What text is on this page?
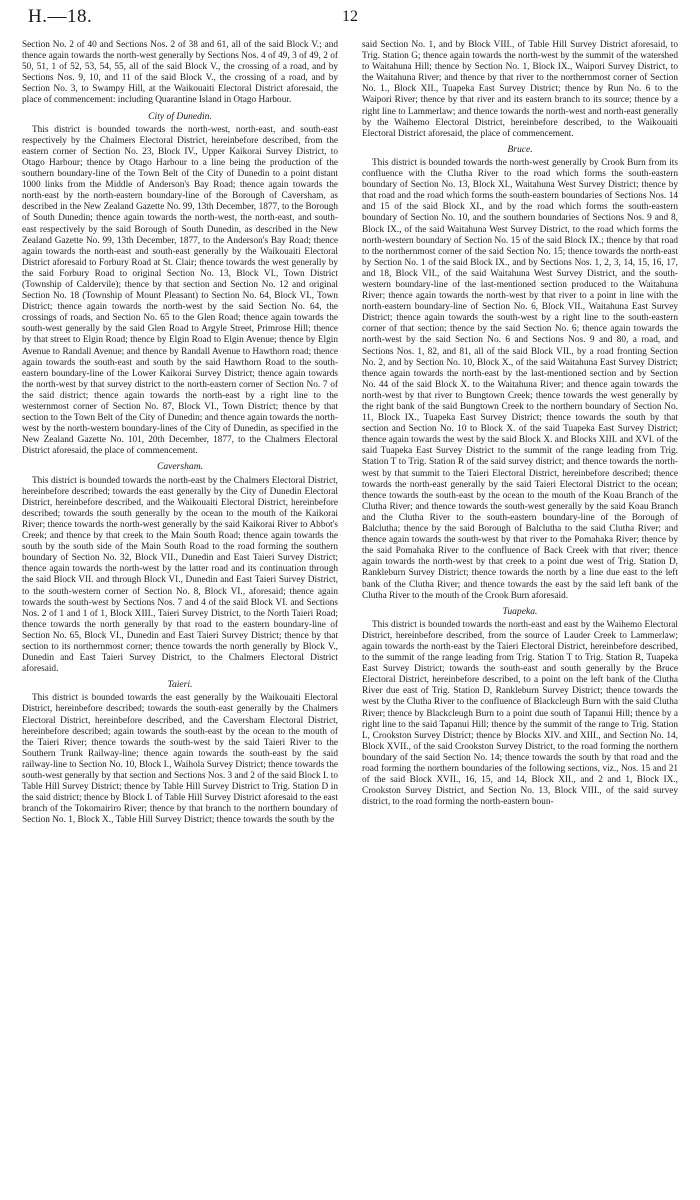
H.—18.	12

Section No. 2 of 40 and Sections Nos. 2 of 38 and 61, all of the said Block V.; and thence again towards the north-west generally by Sections Nos. 4 of 49, 3 of 49, 2 of 50, 51, 1 of 52, 53, 54, 55, all of the said Block V., the crossing of a road, and by Sections Nos. 9, 10, and 11 of the said Block V., the crossing of a road, and by Section No. 3, to Swampy Hill, at the Waikouaiti Electoral District aforesaid, the place of commencement: including Quarantine Island in Otago Harbour.

City of Dunedin.

This district is bounded towards the north-west, north-east, and south-east respectively by the Chalmers Electoral District, hereinbefore described, from the eastern corner of Section No. 23, Block IV., Upper Kaikorai Survey District, to Otago Harbour; thence by Otago Harbour to a line being the production of the southern boundary-line of the Town Belt of the City of Dunedin to a point distant 1000 links from the Middle of Anderson's Bay Road; thence again towards the north-east by the north-eastern boundary-line of the Borough of Caversham, as described in the New Zealand Gazette No. 99, 13th December, 1877, to the Borough of South Dunedin; thence again towards the north-west, the north-east, and south-east respectively by the said Borough of South Dunedin, as described in the New Zealand Gazette No. 99, 13th December, 1877, to the Anderson's Bay Road; thence again towards the north-east and south-east generally by the Waikouaiti Electoral District aforesaid to Forbury Road at St. Clair; thence towards the west generally by the said Forbury Road to original Section No. 13, Block VI., Town District (Township of Caldervile); thence by that section and Section No. 12 and original Section No. 18 (Township of Mount Pleasant) to Section No. 64, Block VI., Town District; thence again towards the north-west by the said Section No. 64, the crossings of roads, and Section No. 65 to the Glen Road; thence again towards the south-west generally by the said Glen Road to Argyle Street, Primrose Hill; thence by that street to Elgin Road; thence by Elgin Road to Elgin Avenue; thence by Elgin Avenue to Randall Avenue; and thence by Randall Avenue to Hawthorn road; thence again towards the south-east and south by the said Hawthorn Road to the south-eastern boundary-line of the Lower Kaikorai Survey District; thence again towards the north-west by that survey district to the north-eastern corner of Section No. 7 of the said district; thence again towards the north-east by a right line to the westernmost corner of Section No. 87, Block VI., Town District; thence by that section to the Town Belt of the City of Dunedin; and thence again towards the north-west by the north-western boundary-lines of the City of Dunedin, as specified in the New Zealand Gazette No. 101, 20th December, 1877, to the Chalmers Electoral District aforesaid, the place of commencement.

Caversham.

This district is bounded towards the north-east by the Chalmers Electoral District, hereinbefore described; towards the east generally by the City of Dunedin Electoral District, hereinbefore described, and the Waikouaiti Electoral District, hereinbefore described; towards the south generally by the ocean to the mouth of the Kaikorai River; thence towards the north-west generally by the said Kaikorai River to Abbot's Creek; and thence by that creek to the Main South Road; thence again towards the south by the south side of the Main South Road to the road forming the southern boundary of Section No. 32, Block VII., Dunedin and East Taieri Survey District; thence again towards the north-west by the latter road and its continuation through the said Block VII. and through Block VI., Dunedin and East Taieri Survey District, to the south-western corner of Section No. 8, Block VI., aforesaid; thence again towards the south-west by Sections Nos. 7 and 4 of the said Block VI. and Sections Nos. 2 of 1 and 1 of 1, Block XIII., Taieri Survey District, to the North Taieri Road; thence towards the north generally by that road to the eastern boundary-line of Section No. 65, Block VI., Dunedin and East Taieri Survey District; thence by that section to its northernmost corner; thence towards the north generally by Block V., Dunedin and East Taieri Survey District, to the Chalmers Electoral District aforesaid.

Taieri.

This district is bounded towards the east generally by the Waikouaiti Electoral District, hereinbefore described; towards the south-east generally by the Chalmers Electoral District, hereinbefore described, and the Caversham Electoral District, hereinbefore described; again towards the south-east by the ocean to the mouth of the Taieri River; thence towards the south-west by the said Taieri River to the Southern Trunk Railway-line; thence again towards the south-east by the said railway-line to Section No. 10, Block I., Waihola Survey District; thence towards the south-west generally by that section and Sections Nos. 3 and 2 of the said Block I. to Table Hill Survey District; thence by Table Hill Survey District to Trig. Station D in the said district; thence by Block I. of Table Hill Survey District aforesaid to the east branch of the Tokomairiro River; thence by that branch to the northern boundary of Section No. 1, Block X., Table Hill Survey District; thence towards the south by the

said Section No. 1, and by Block VIII., of Table Hill Survey District aforesaid, to Trig. Station G; thence again towards the north-west by the summit of the watershed to Waitahuna Hill; thence by Section No. 1, Block IX., Waipori Survey District, to the Waitahuna River; and thence by that river to the northernmost corner of Section No. 1., Block XII., Tuapeka East Survey District; thence by Run No. 6 to the Waipori River; thence by that river and its eastern branch to its source; thence by a right line to Lammerlaw; and thence towards the north-west and north-east generally by the Waihemo Electoral District, hereinbefore described, to the Waikouaiti Electoral District aforesaid, the place of commencement.

Bruce.

This district is bounded towards the north-west generally by Crook Burn from its confluence with the Clutha River to the road which forms the south-eastern boundary of Section No. 13, Block XI., Waitahuna West Survey District; thence by that road and the road which forms the south-eastern boundaries of Sections Nos. 14 and 15 of the said Block XI., and by the road which forms the south-eastern boundary of Section No. 10, and the southern boundaries of Sections Nos. 9 and 8, Block IX., of the said Waitahuna West Survey District, to the road which forms the north-western boundary of Section No. 15 of the said Block IX.; thence by that road to the northernmost corner of the said Section No. 15; thence towards the north-east by Section No. 1 of the said Block IX., and by Sections Nos. 1, 2, 3, 14, 15, 16, 17, and 18, Block VII., of the said Waitahuna West Survey District, and the south-western boundary-line of the last-mentioned section produced to the Waitahuna River; thence again towards the north-west by that river to a point in line with the north-eastern boundary-line of Section No. 6, Block VII., Waitahuna East Survey District; thence again towards the south-west by a right line to the south-eastern corner of that section; thence by the said Section No. 6; thence again towards the north-west by the said Section No. 6 and Sections Nos. 9 and 80, a road, and Sections Nos. 1, 82, and 81, all of the said Block VII., by a road fronting Section No. 2, and by Section No. 10, Block X., of the said Waitahuna East Survey District; thence again towards the north-east by the last-mentioned section and by Section No. 44 of the said Block X. to the Waitahuna River; and thence again towards the north-west by that river to Bungtown Creek; thence towards the west generally by the right bank of the said Bungtown Creek to the northern boundary of Section No. 11, Block IX., Tuapeka East Survey District; thence towards the south by that section and Section No. 10 to Block X. of the said Tuapeka East Survey District; thence again towards the west by the said Block X. and Blocks XIII. and XVI. of the said Tuapeka East Survey District to the summit of the range leading from Trig. Station T to Trig. Station R of the said survey district; and thence towards the north-west by that summit to the Taieri Electoral District, hereinbefore described; thence towards the north-east generally by the said Taieri Electoral District to the ocean; thence towards the south-east by the ocean to the mouth of the Koau Branch of the Clutha River; and thence towards the south-west generally by the said Koau Branch and the Clutha River to the south-eastern boundary-line of the Borough of Balclutha; thence by the said Borough of Balclutha to the said Clutha River; and thence again towards the south-west by that river to the Pomahaka River; thence by the said Pomahaka River to the confluence of Back Creek with that river; thence again towards the north-west by that creek to a point due west of Trig. Station D, Rankleburn Survey District; thence towards the north by a line due east to the left bank of the Clutha River; and thence towards the east by the said left bank of the Clutha River to the mouth of the Crook Burn aforesaid.

Tuapeka.

This district is bounded towards the north-east and east by the Waihemo Electoral District, hereinbefore described, from the source of Lauder Creek to Lammerlaw; again towards the north-east by the Taieri Electoral District, hereinbefore described, to the summit of the range leading from Trig. Station T to Trig. Station R, Tuapeka East Survey District; towards the south-east and south generally by the Bruce Electoral District, hereinbefore described, to a point on the left bank of the Clutha River due east of Trig. Station D, Rankleburn Survey District; thence towards the west by the Clutha River to the confluence of Blackcleugh Burn with the said Clutha River; thence by Blackcleugh Burn to a point due south of Tapanui Hill; thence by a right line to the said Tapanui Hill; thence by the summit of the range to Trig. Station L, Crookston Survey District; thence by Blocks XIV. and XIII., and Section No. 14, Block XVII., of the said Crookston Survey District, to the road forming the northern boundary of the said Section No. 14; thence towards the south by that road and the road forming the northern boundaries of the following sections, viz., Nos. 15 and 21 of the said Block XVII., 16, 15, and 14, Block XII., and 2 and 1, Block IX., Crookston Survey District, and Section No. 13, Block VIII., of the said survey district, to the road forming the north-eastern boun-
